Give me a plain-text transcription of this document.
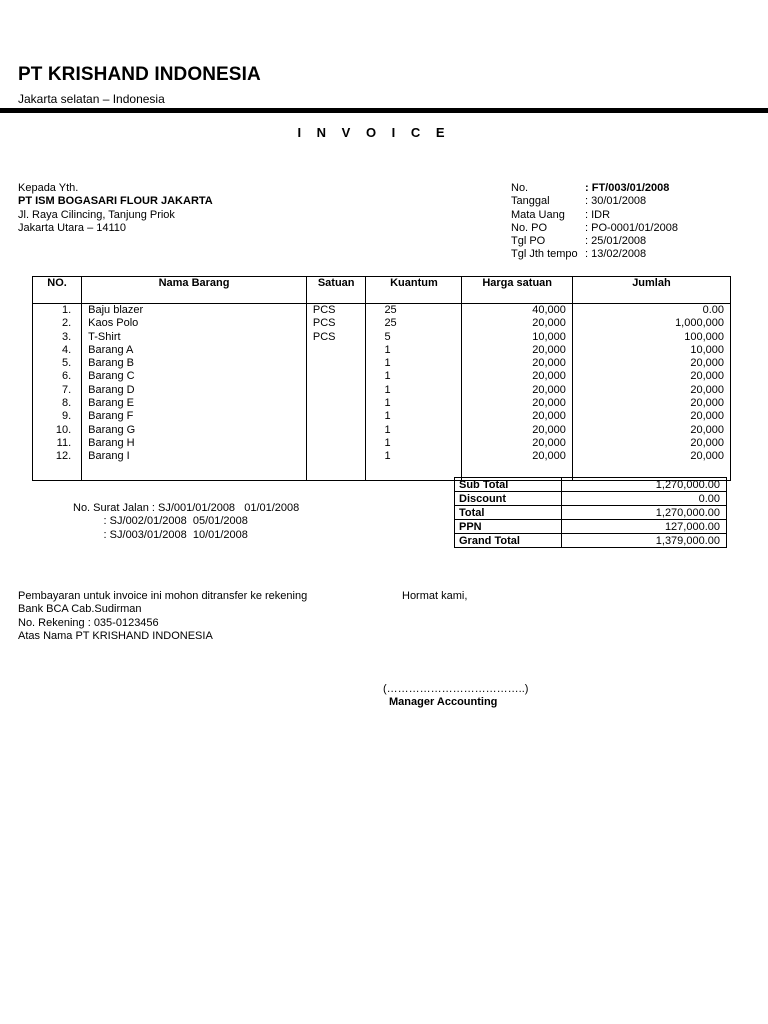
PT KRISHAND INDONESIA
Jakarta selatan – Indonesia
I N V O I C E
Kepada Yth.
PT ISM BOGASARI FLOUR JAKARTA
Jl. Raya Cilincing, Tanjung Priok
Jakarta Utara – 14110
No.	: FT/003/01/2008
Tanggal	: 30/01/2008
Mata Uang : IDR
No. PO	: PO-0001/01/2008
Tgl PO	: 25/01/2008
Tgl Jth tempo : 13/02/2008
NO.	Nama Barang	Satuan	Kuantum	Harga satuan	Jumlah
1.	Baju blazer	PCS	25	40,000	0.00
2.	Kaos Polo	PCS	25	20,000	1,000,000
3.	T-Shirt	PCS	5	10,000	100,000
4.	Barang A		1	20,000	10,000
5.	Barang B		1	20,000	20,000
6.	Barang C		1	20,000	20,000
7.	Barang D		1	20,000	20,000
8.	Barang E		1	20,000	20,000
9.	Barang F		1	20,000	20,000
10.	Barang G		1	20,000	20,000
11.	Barang H		1	20,000	20,000
12.	Barang I		1	20,000	20,000
Sub Total	1,270,000.00
Discount	0.00
Total	1,270,000.00
PPN	127,000.00
Grand Total	1,379,000.00
No. Surat Jalan : SJ/001/01/2008   01/01/2008
: SJ/002/01/2008  05/01/2008
: SJ/003/01/2008  10/01/2008
Pembayaran untuk invoice ini mohon ditransfer ke rekening
Bank BCA Cab.Sudirman
No. Rekening : 035-0123456
Atas Nama PT KRISHAND INDONESIA
Hormat kami,
(………………………………..)
Manager Accounting
